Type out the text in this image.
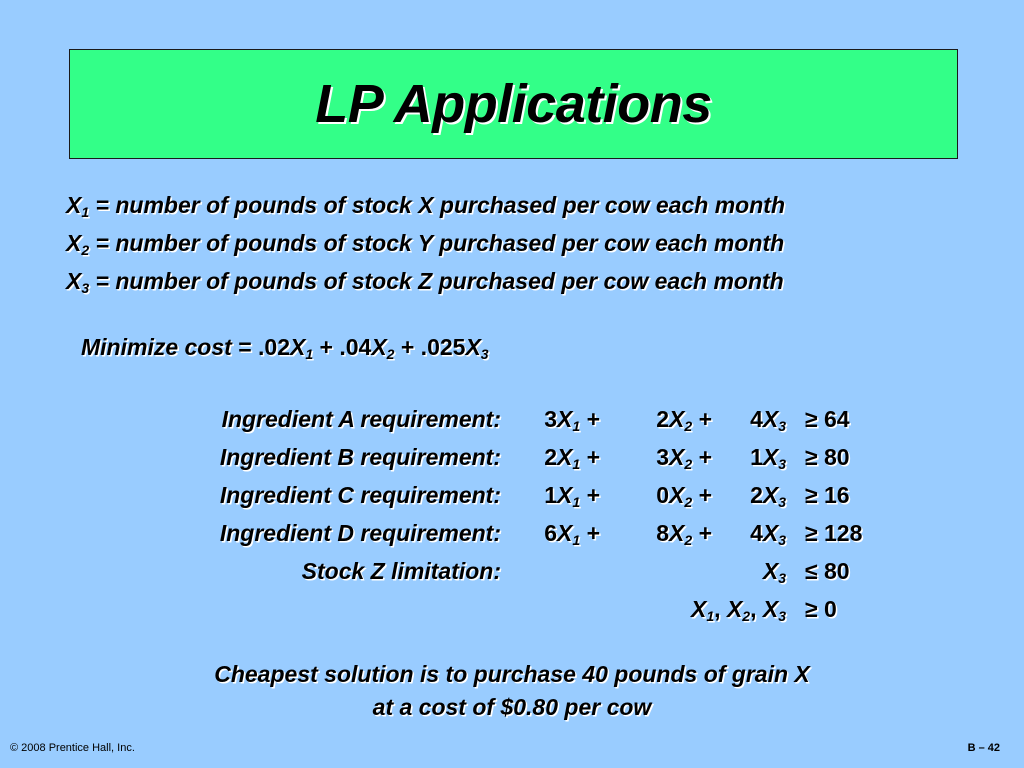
LP Applications
$X_1$ = number of pounds of stock X purchased per cow each month
$X_2$ = number of pounds of stock Y purchased per cow each month
$X_3$ = number of pounds of stock Z purchased per cow each month
Minimize $\cos t = .02X_1 + .04X_2 + .025X_3$
Ingredient A requirement: $3X_1 + 2X_2 + 4X_3 \ge 64$
Ingredient B requirement: $2X_1 + 3X_2 + 1X_3 \ge 80$
Ingredient C requirement: $1X_1 + 0X_2 + 2X_3 \ge 16$
Ingredient D requirement: $6X_1 + 8X_2 + 4X_3 \ge 128$
Stock Z limitation:	$X_3 \le 80$
$X_1$, $X_2$, $X_3 \ge 0$
Cheapest solution is to purchase 40 pounds of grain X
at a cost of $0.80 per cow
© 2008 Prentice Hall, Inc.	B – 42
